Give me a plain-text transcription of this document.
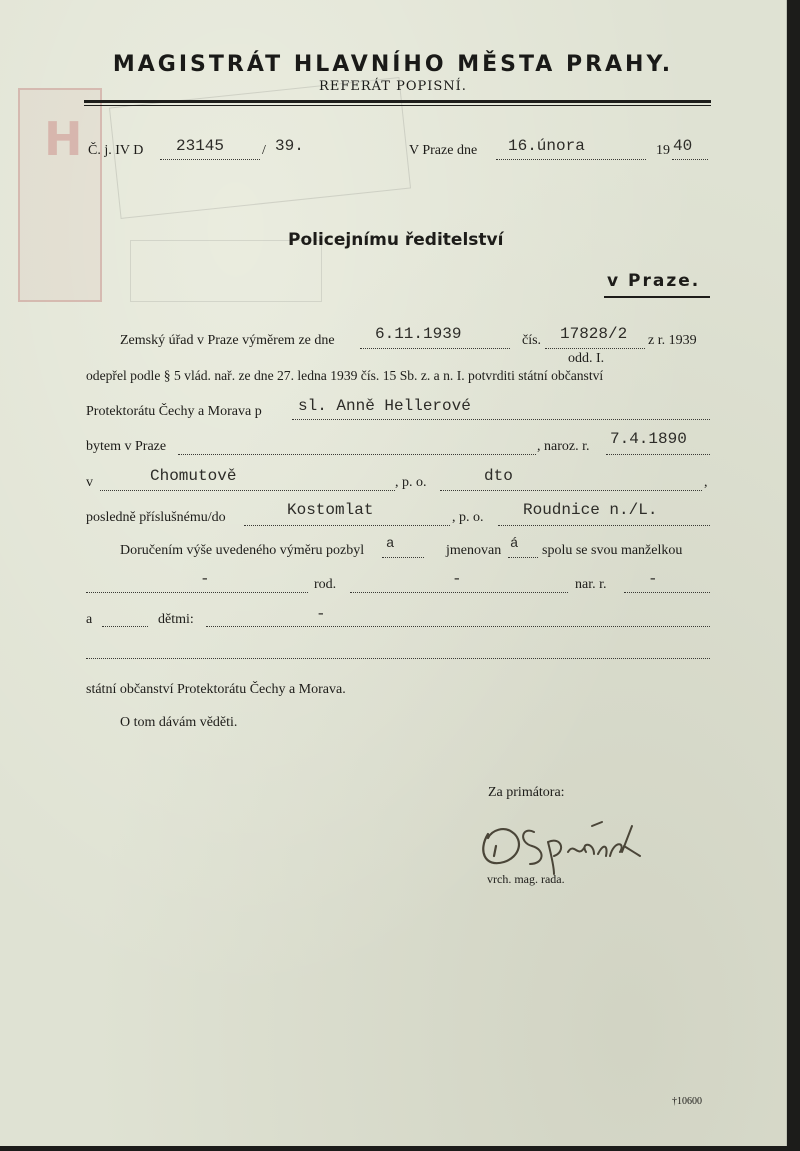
H
MAGISTRÁT HLAVNÍHO MĚSTA PRAHY.
REFERÁT POPISNÍ.
Č. j. IV D 23145	/ 39.	V Praze dne 16.února	19 40
Policejnímu ředitelství
v Praze.
Zemský úřad v Praze výměrem ze dne	6.11.1939	čís. 17828/2 z r. 1939
odd. I.
odepřel podle § 5 vlád. nař. ze dne 27. ledna 1939 čís. 15 Sb. z. a n. I. potvrditi státní občanství
Protektorátu Čechy a Morava p sl. Anně Hellerové
bytem v Praze	, naroz. r. 7.4.1890
v	Chomutově	, p. o.	dto	,
posledně příslušnému/do	Kostomlat	, p. o. Roudnice n./L.
Doručením výše uvedeného výměru pozbyl a	jmenovan á spolu se svou manželkou
-	rod.	-	nar. r.	-
a	dětmi:	-
státní občanství Protektorátu Čechy a Morava.
O tom dávám věděti.
Za primátora:
vrch. mag. rada.
†10600
